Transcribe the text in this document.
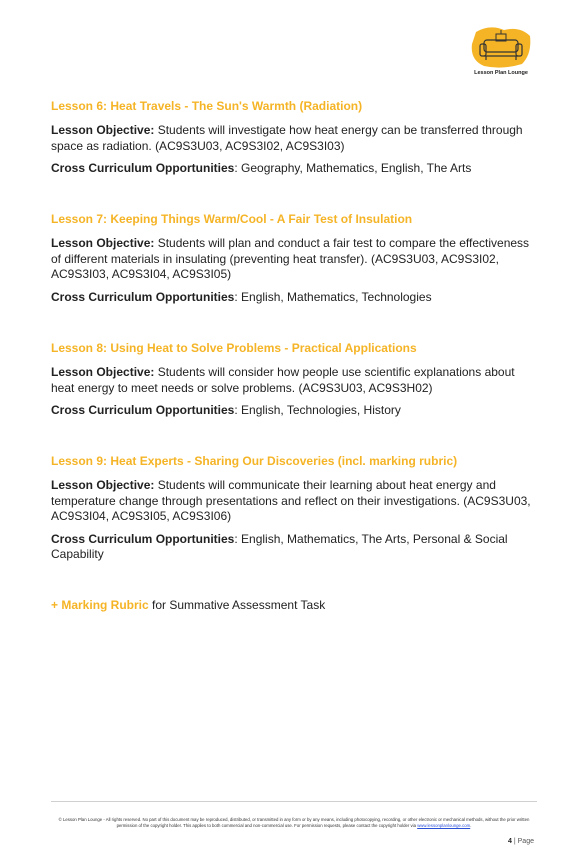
Lesson Plan Lounge
Lesson 6: Heat Travels - The Sun's Warmth (Radiation)
Lesson Objective: Students will investigate how heat energy can be transferred through space as radiation. (AC9S3U03, AC9S3I02, AC9S3I03)
Cross Curriculum Opportunities: Geography, Mathematics, English, The Arts
Lesson 7: Keeping Things Warm/Cool - A Fair Test of Insulation
Lesson Objective: Students will plan and conduct a fair test to compare the effectiveness of different materials in insulating (preventing heat transfer). (AC9S3U03, AC9S3I02, AC9S3I03, AC9S3I04, AC9S3I05)
Cross Curriculum Opportunities: English, Mathematics, Technologies
Lesson 8: Using Heat to Solve Problems - Practical Applications
Lesson Objective: Students will consider how people use scientific explanations about heat energy to meet needs or solve problems. (AC9S3U03, AC9S3H02)
Cross Curriculum Opportunities: English, Technologies, History
Lesson 9: Heat Experts - Sharing Our Discoveries (incl. marking rubric)
Lesson Objective: Students will communicate their learning about heat energy and temperature change through presentations and reflect on their investigations. (AC9S3U03, AC9S3I04, AC9S3I05, AC9S3I06)
Cross Curriculum Opportunities: English, Mathematics, The Arts, Personal & Social Capability
+ Marking Rubric for Summative Assessment Task
© Lesson Plan Lounge - All rights reserved. No part of this document may be reproduced, distributed, or transmitted in any form or by any means, including photocopying, recording, or other electronic or mechanical methods, without the prior written permission of the copyright holder. This applies to both commercial and non-commercial use. For permission requests, please contact the copyright holder via www.lessonplanlounge.com.
4 | Page
